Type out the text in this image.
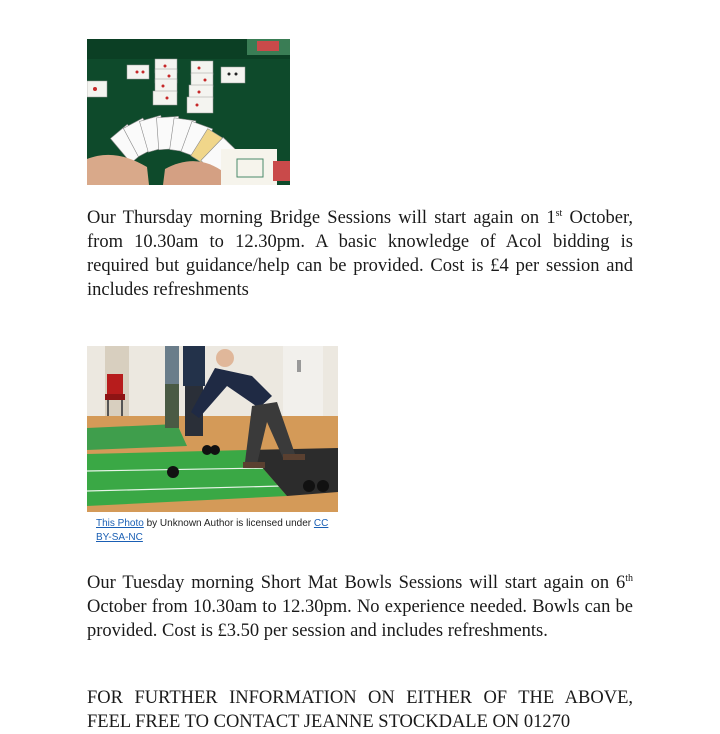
Our Thursday morning Bridge Sessions will start again on 1st October, from 10.30am to 12.30pm. A basic knowledge of Acol bidding is required but guidance/help can be provided. Cost is £4 per session and includes refreshments

This Photo by Unknown Author is licensed under CC BY-SA-NC

Our Tuesday morning Short Mat Bowls Sessions will start again on 6th October from 10.30am to 12.30pm. No experience needed. Bowls can be provided. Cost is £3.50 per session and includes refreshments.

FOR FURTHER INFORMATION ON EITHER OF THE ABOVE, FEEL FREE TO CONTACT JEANNE STOCKDALE ON 01270
